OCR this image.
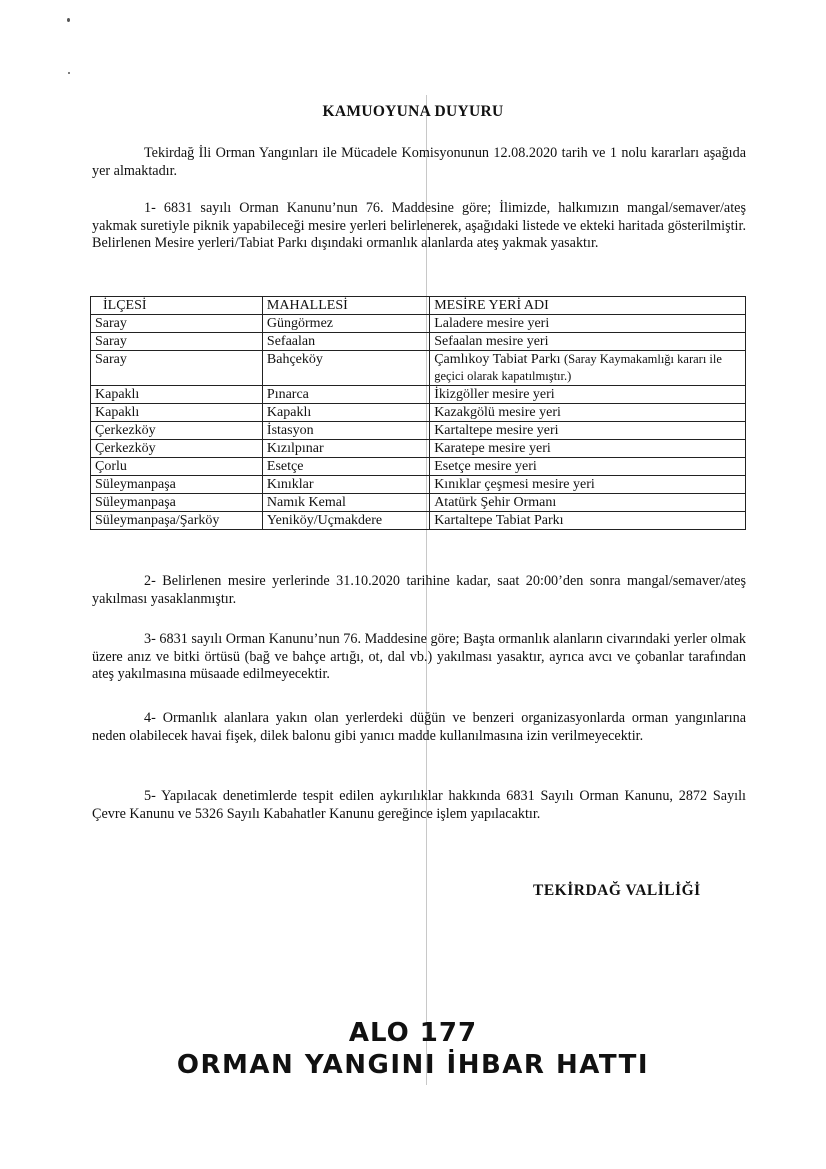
KAMUOYUNA DUYURU

Tekirdağ İli Orman Yangınları ile Mücadele Komisyonunun 12.08.2020 tarih ve 1 nolu kararları aşağıda yer almaktadır.

1- 6831 sayılı Orman Kanunu’nun 76. Maddesine göre; İlimizde, halkımızın mangal/semaver/ateş yakmak suretiyle piknik yapabileceği mesire yerleri belirlenerek, aşağıdaki listede ve ekteki haritada gösterilmiştir. Belirlenen Mesire yerleri/Tabiat Parkı dışındaki ormanlık alanlarda ateş yakmak yasaktır.

İLÇESİ	MAHALLESİ	MESİRE YERİ ADI
Saray	Güngörmez	Laladere mesire yeri
Saray	Sefaalan	Sefaalan mesire yeri
Saray	Bahçeköy	Çamlıkoy Tabiat Parkı (Saray Kaymakamlığı kararı ile geçici olarak kapatılmıştır.)
Kapaklı	Pınarca	İkizgöller mesire yeri
Kapaklı	Kapaklı	Kazakgölü mesire yeri
Çerkezköy	İstasyon	Kartaltepe mesire yeri
Çerkezköy	Kızılpınar	Karatepe mesire yeri
Çorlu	Esetçe	Esetçe mesire yeri
Süleymanpaşa	Kınıklar	Kınıklar çeşmesi mesire yeri
Süleymanpaşa	Namık Kemal	Atatürk Şehir Ormanı
Süleymanpaşa/Şarköy	Yeniköy/Uçmakdere	Kartaltepe Tabiat Parkı

2- Belirlenen mesire yerlerinde 31.10.2020 tarihine kadar, saat 20:00’den sonra mangal/semaver/ateş yakılması yasaklanmıştır.

3- 6831 sayılı Orman Kanunu’nun 76. Maddesine göre; Başta ormanlık alanların civarındaki yerler olmak üzere anız ve bitki örtüsü (bağ ve bahçe artığı, ot, dal vb.) yakılması yasaktır, ayrıca avcı ve çobanlar tarafından ateş yakılmasına müsaade edilmeyecektir.

4- Ormanlık alanlara yakın olan yerlerdeki düğün ve benzeri organizasyonlarda orman yangınlarına neden olabilecek havai fişek, dilek balonu gibi yanıcı madde kullanılmasına izin verilmeyecektir.

5- Yapılacak denetimlerde tespit edilen aykırılıklar hakkında 6831 Sayılı Orman Kanunu, 2872 Sayılı Çevre Kanunu ve 5326 Sayılı Kabahatler Kanunu gereğince işlem yapılacaktır.

TEKİRDAĞ VALİLİĞİ
ALO 177
ORMAN YANGINI İHBAR HATTI
